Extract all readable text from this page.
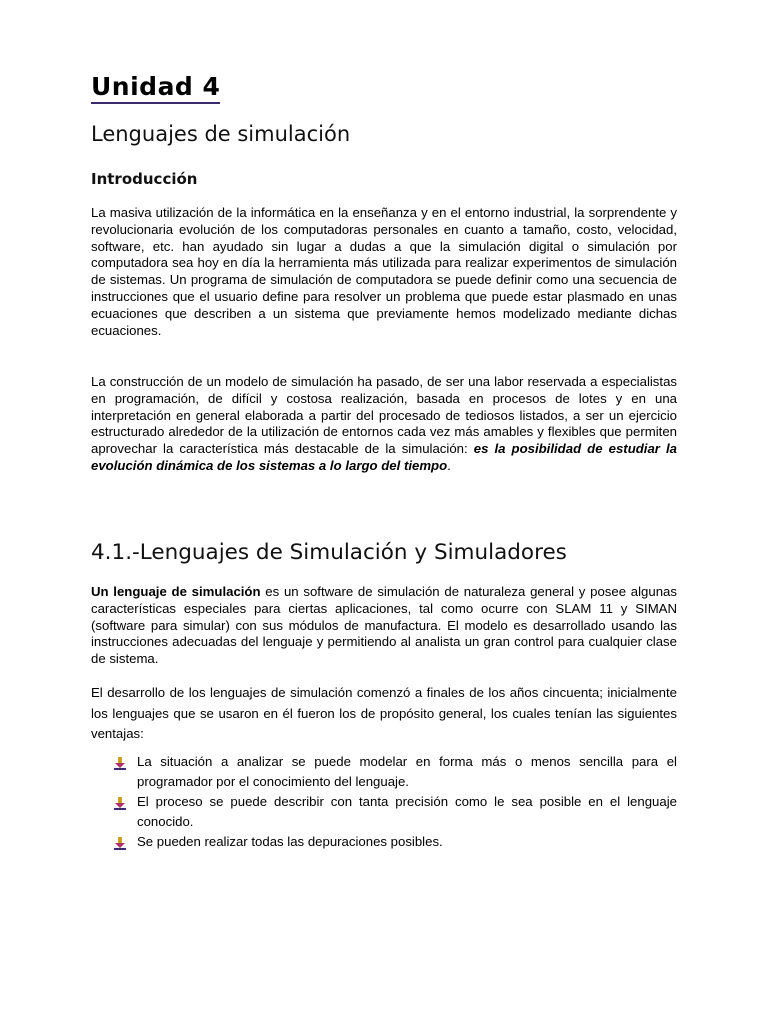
Unidad 4
Lenguajes de simulación
Introducción

La masiva utilización de la informática en la enseñanza y en el entorno industrial, la sorprendente y revolucionaria evolución de los computadoras personales en cuanto a tamaño, costo, velocidad, software, etc. han ayudado sin lugar a dudas a que la simulación digital o simulación por computadora sea hoy en día la herramienta más utilizada para realizar experimentos de simulación de sistemas. Un programa de simulación de computadora se puede definir como una secuencia de instrucciones que el usuario define para resolver un problema que puede estar plasmado en unas ecuaciones que describen a un sistema que previamente hemos modelizado mediante dichas ecuaciones.

La construcción de un modelo de simulación ha pasado, de ser una labor reservada a especialistas en programación, de difícil y costosa realización, basada en procesos de lotes y en una interpretación en general elaborada a partir del procesado de tediosos listados, a ser un ejercicio estructurado alrededor de la utilización de entornos cada vez más amables y flexibles que permiten aprovechar la característica más destacable de la simulación: es la posibilidad de estudiar la evolución dinámica de los sistemas a lo largo del tiempo.

4.1.-Lenguajes de Simulación y Simuladores

Un lenguaje de simulación es un software de simulación de naturaleza general y posee algunas características especiales para ciertas aplicaciones, tal como ocurre con SLAM 11 y SIMAN (software para simular) con sus módulos de manufactura. El modelo es desarrollado usando las instrucciones adecuadas del lenguaje y permitiendo al analista un gran control para cualquier clase de sistema.

El desarrollo de los lenguajes de simulación comenzó a finales de los años cincuenta; inicialmente los lenguajes que se usaron en él fueron los de propósito general, los cuales tenían las siguientes ventajas:

La situación a analizar se puede modelar en forma más o menos sencilla para el programador por el conocimiento del lenguaje.
El proceso se puede describir con tanta precisión como le sea posible en el lenguaje conocido.
Se pueden realizar todas las depuraciones posibles.
